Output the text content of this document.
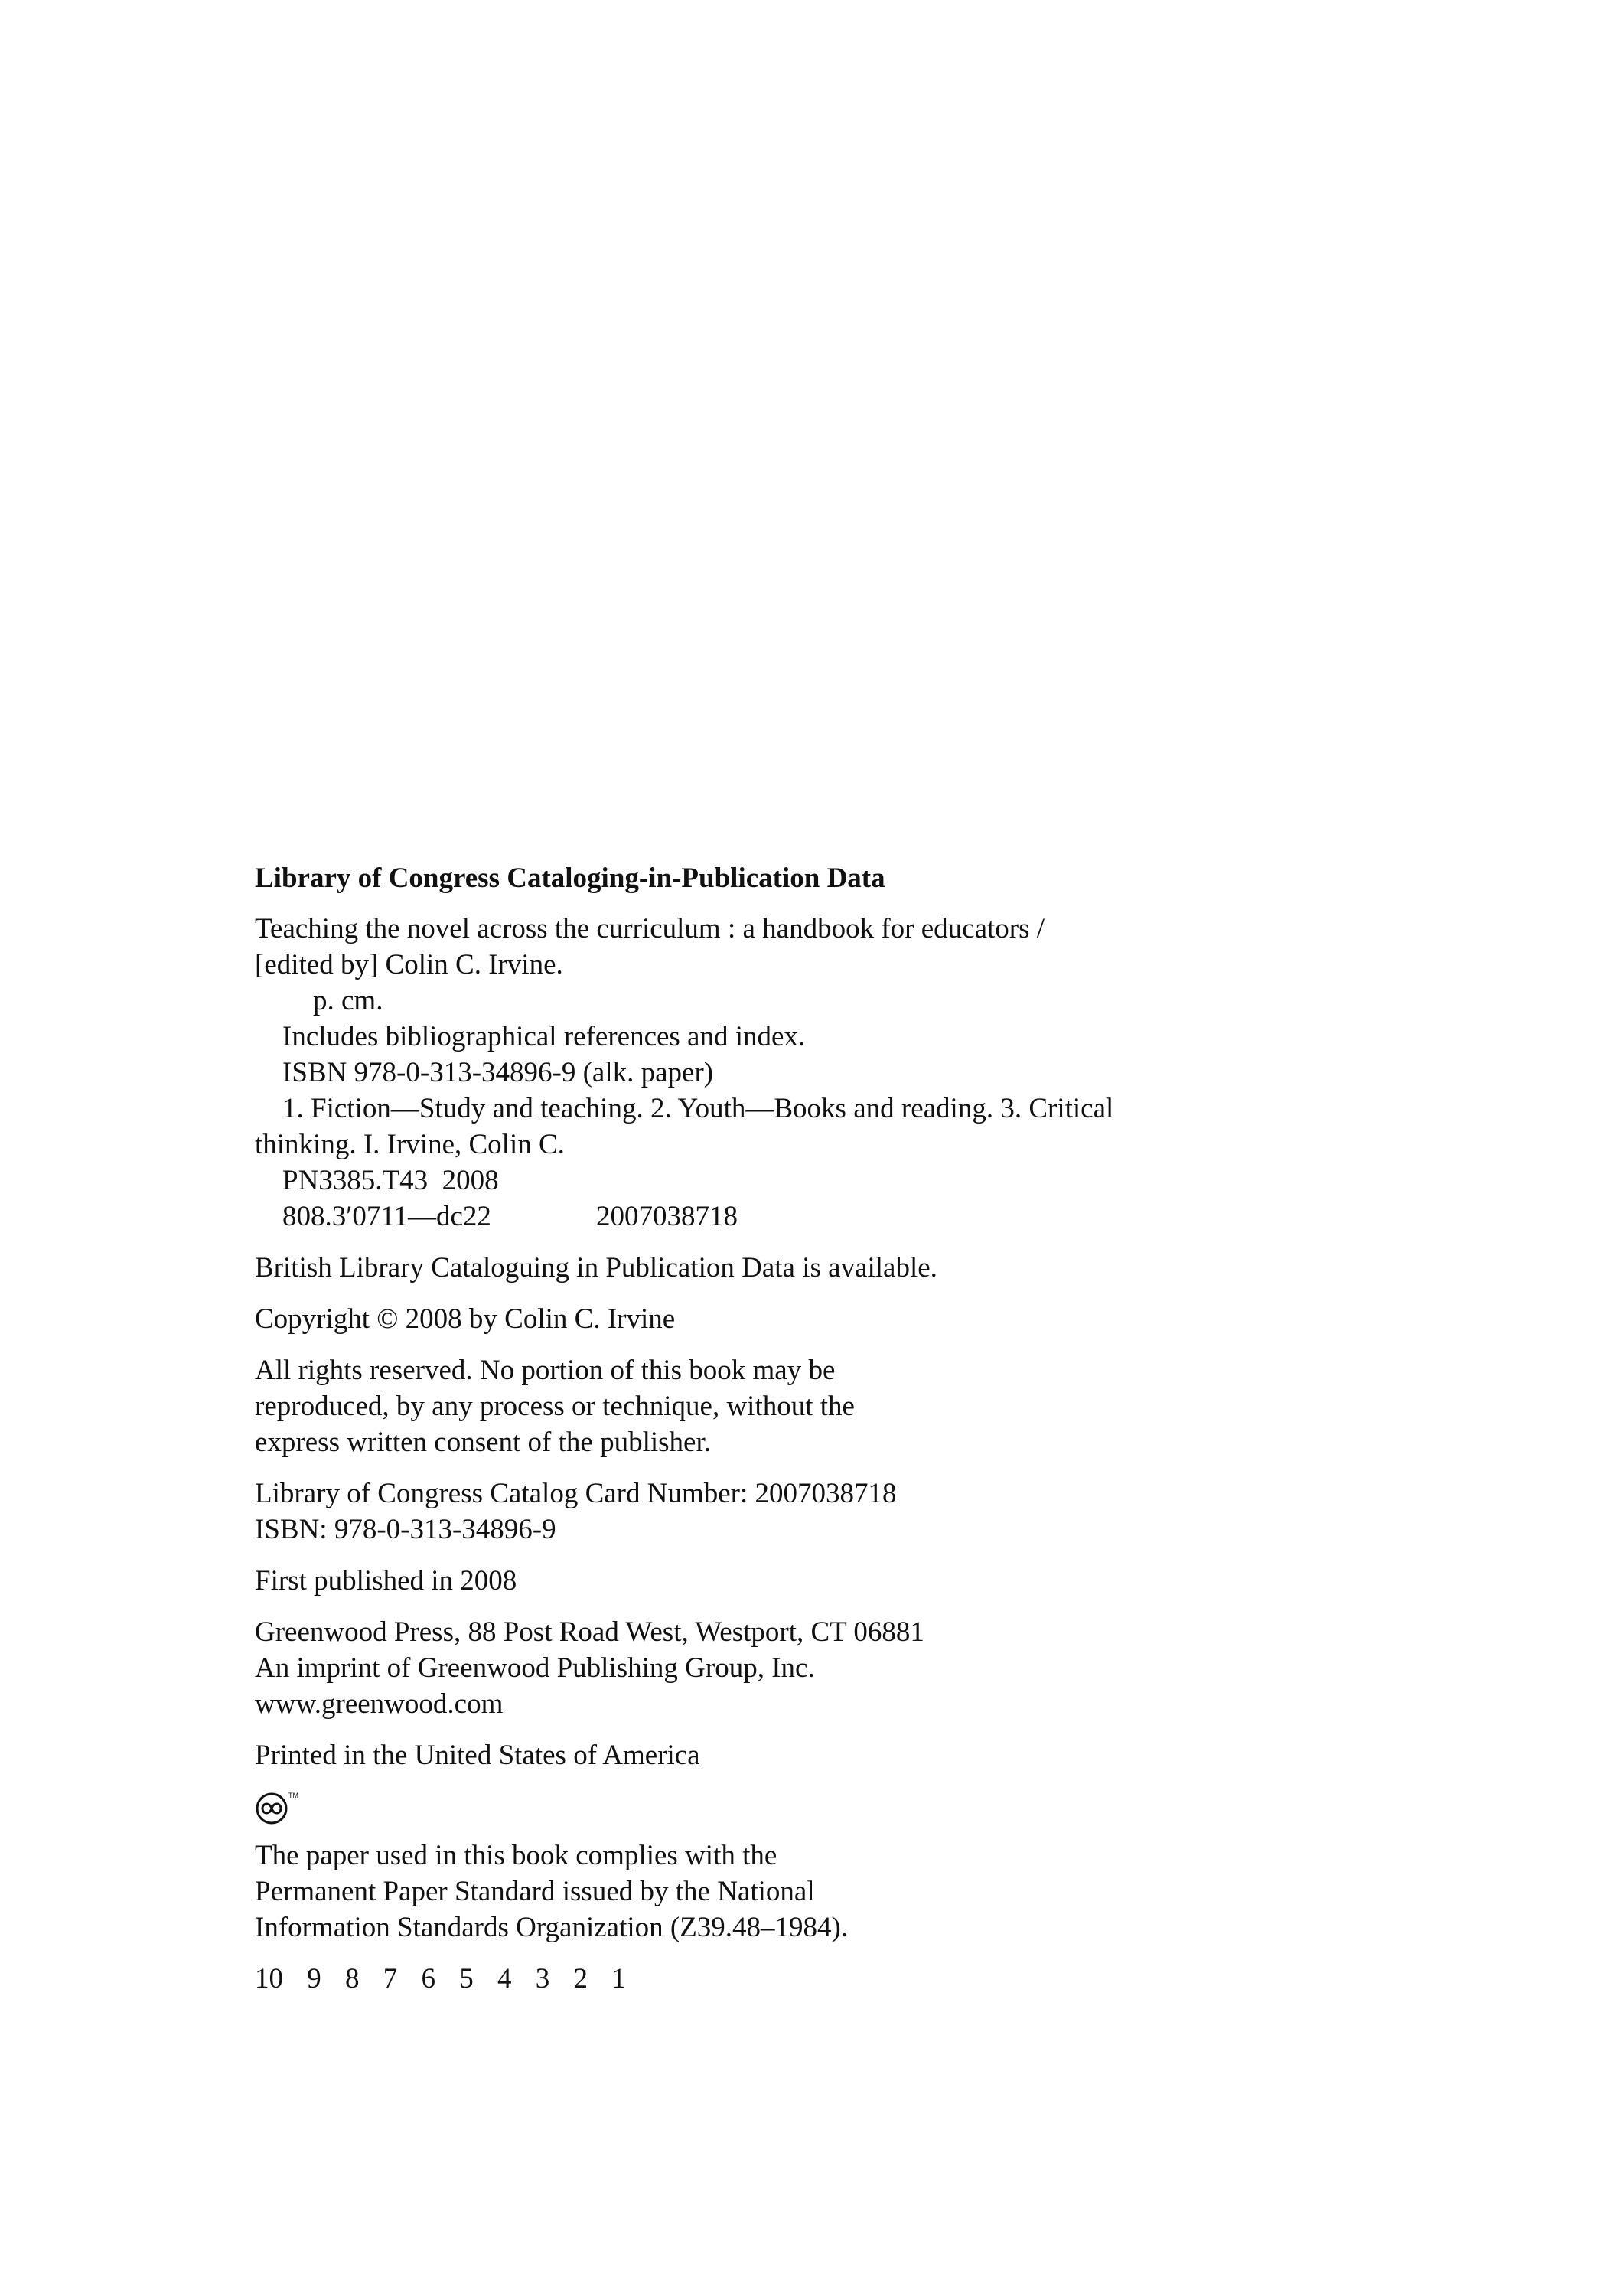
Library of Congress Cataloging-in-Publication Data
Teaching the novel across the curriculum : a handbook for educators /
[edited by] Colin C. Irvine.
p. cm.
Includes bibliographical references and index.
ISBN 978-0-313-34896-9 (alk. paper)
1. Fiction—Study and teaching. 2. Youth—Books and reading. 3. Critical
thinking. I. Irvine, Colin C.
PN3385.T43  2008
808.3′0711—dc22	2007038718
British Library Cataloguing in Publication Data is available.
Copyright © 2008 by Colin C. Irvine
All rights reserved. No portion of this book may be
reproduced, by any process or technique, without the
express written consent of the publisher.
Library of Congress Catalog Card Number: 2007038718
ISBN: 978-0-313-34896-9
First published in 2008
Greenwood Press, 88 Post Road West, Westport, CT 06881
An imprint of Greenwood Publishing Group, Inc.
www.greenwood.com
Printed in the United States of America
TM
The paper used in this book complies with the
Permanent Paper Standard issued by the National
Information Standards Organization (Z39.48–1984).
10 9 8 7 6 5 4 3 2 1
